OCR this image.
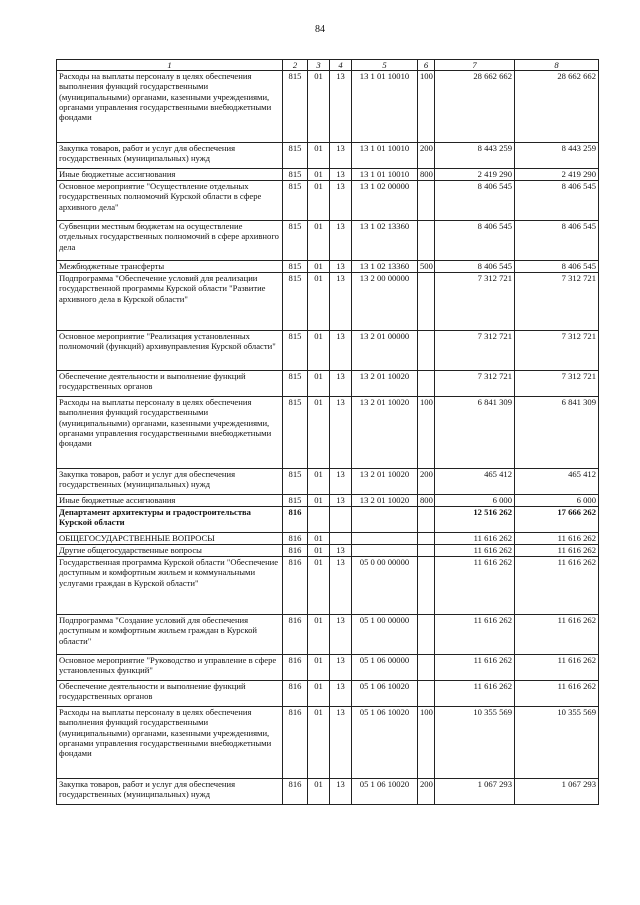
84
1	2	3	4	5	6	7	8
Расходы на выплаты персоналу в целях обеспечения выполнения функций государственными (муниципальными) органами, казенными учреждениями, органами управления государственными внебюджетными фондами	815	01	13	13 1 01 10010	100	28 662 662	28 662 662
Закупка товаров, работ и услуг для обеспечения государственных (муниципальных) нужд	815	01	13	13 1 01 10010	200	8 443 259	8 443 259
Иные бюджетные ассигнования	815	01	13	13 1 01 10010	800	2 419 290	2 419 290
Основное мероприятие "Осуществление отдельных государственных полномочий Курской области в сфере архивного дела"	815	01	13	13 1 02 00000		8 406 545	8 406 545
Субвенции местным бюджетам на осуществление отдельных государственных полномочий в сфере архивного дела	815	01	13	13 1 02 13360		8 406 545	8 406 545
Межбюджетные трансферты	815	01	13	13 1 02 13360	500	8 406 545	8 406 545
Подпрограмма "Обеспечение условий для реализации государственной программы Курской области "Развитие архивного дела в Курской области"	815	01	13	13 2 00 00000		7 312 721	7 312 721
Основное мероприятие "Реализация установленных полномочий (функций) архивуправления Курской области"	815	01	13	13 2 01 00000		7 312 721	7 312 721
Обеспечение деятельности и выполнение функций государственных органов	815	01	13	13 2 01 10020		7 312 721	7 312 721
Расходы на выплаты персоналу в целях обеспечения выполнения функций государственными (муниципальными) органами, казенными учреждениями, органами управления государственными внебюджетными фондами	815	01	13	13 2 01 10020	100	6 841 309	6 841 309
Закупка товаров, работ и услуг для обеспечения государственных (муниципальных) нужд	815	01	13	13 2 01 10020	200	465 412	465 412
Иные бюджетные ассигнования	815	01	13	13 2 01 10020	800	6 000	6 000
Департамент архитектуры и градостроительства Курской области	816					12 516 262	17 666 262
ОБЩЕГОСУДАРСТВЕННЫЕ ВОПРОСЫ	816	01				11 616 262	11 616 262
Другие общегосударственные вопросы	816	01	13			11 616 262	11 616 262
Государственная программа Курской области "Обеспечение доступным и комфортным жильем и коммунальными услугами граждан в Курской области"	816	01	13	05 0 00 00000		11 616 262	11 616 262
Подпрограмма "Создание условий для обеспечения доступным и комфортным жильем граждан в Курской области"	816	01	13	05 1 00 00000		11 616 262	11 616 262
Основное мероприятие "Руководство и управление в сфере установленных функций"	816	01	13	05 1 06 00000		11 616 262	11 616 262
Обеспечение деятельности и выполнение функций государственных органов	816	01	13	05 1 06 10020		11 616 262	11 616 262
Расходы на выплаты персоналу в целях обеспечения выполнения функций государственными (муниципальными) органами, казенными учреждениями, органами управления государственными внебюджетными фондами	816	01	13	05 1 06 10020	100	10 355 569	10 355 569
Закупка товаров, работ и услуг для обеспечения государственных (муниципальных) нужд	816	01	13	05 1 06 10020	200	1 067 293	1 067 293
